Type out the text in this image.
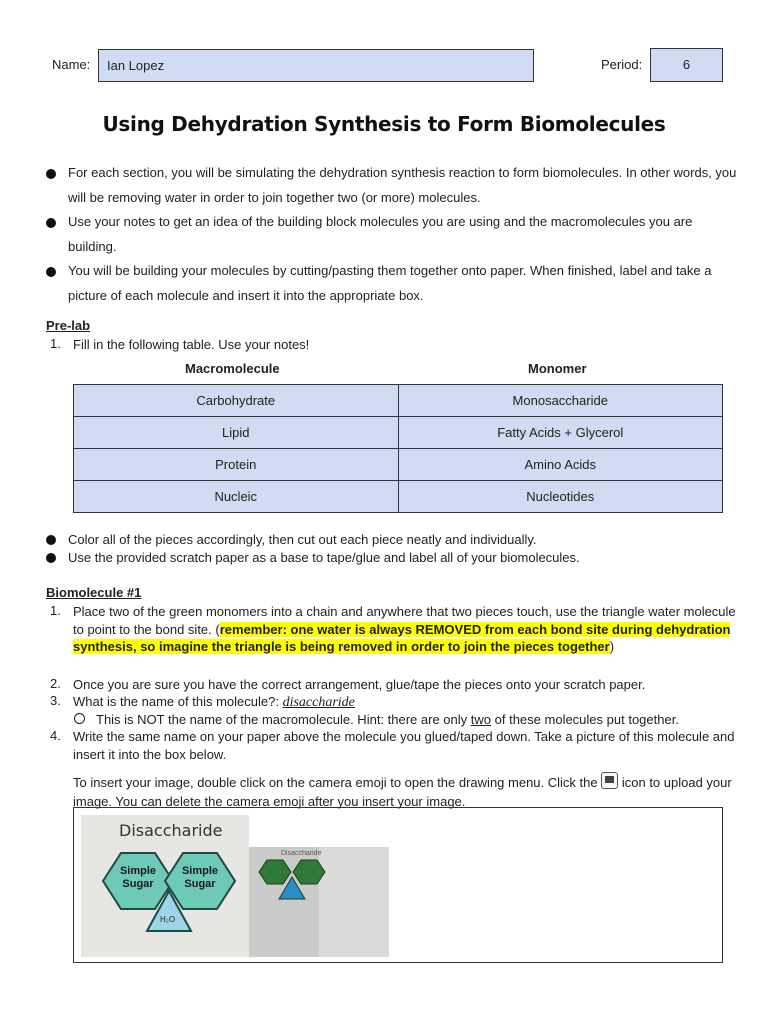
Name:	Ian Lopez	Period:	6
Using Dehydration Synthesis to Form Biomolecules
For each section, you will be simulating the dehydration synthesis reaction to form biomolecules. In other words, you will be removing water in order to join together two (or more) molecules.
Use your notes to get an idea of the building block molecules you are using and the macromolecules you are building.
You will be building your molecules by cutting/pasting them together onto paper. When finished, label and take a picture of each molecule and insert it into the appropriate box.
Pre-lab
1. Fill in the following table. Use your notes!
Macromolecule	Monomer
Carbohydrate	Monosaccharide
Lipid	Fatty Acids + Glycerol
Protein	Amino Acids
Nucleic	Nucleotides
Color all of the pieces accordingly, then cut out each piece neatly and individually.
Use the provided scratch paper as a base to tape/glue and label all of your biomolecules.
Biomolecule #1
1. Place two of the green monomers into a chain and anywhere that two pieces touch, use the triangle water molecule to point to the bond site. (remember: one water is always REMOVED from each bond site during dehydration synthesis, so imagine the triangle is being removed in order to join the pieces together)
2. Once you are sure you have the correct arrangement, glue/tape the pieces onto your scratch paper.
3. What is the name of this molecule?: disaccharide
This is NOT the name of the macromolecule. Hint: there are only two of these molecules put together.
4. Write the same name on your paper above the molecule you glued/taped down. Take a picture of this molecule and insert it into the box below.
To insert your image, double click on the camera emoji to open the drawing menu. Click the icon to upload your image. You can delete the camera emoji after you insert your image.
Disaccharide
Simple
Sugar
Simple
Sugar
H₂O
Disaccharide
